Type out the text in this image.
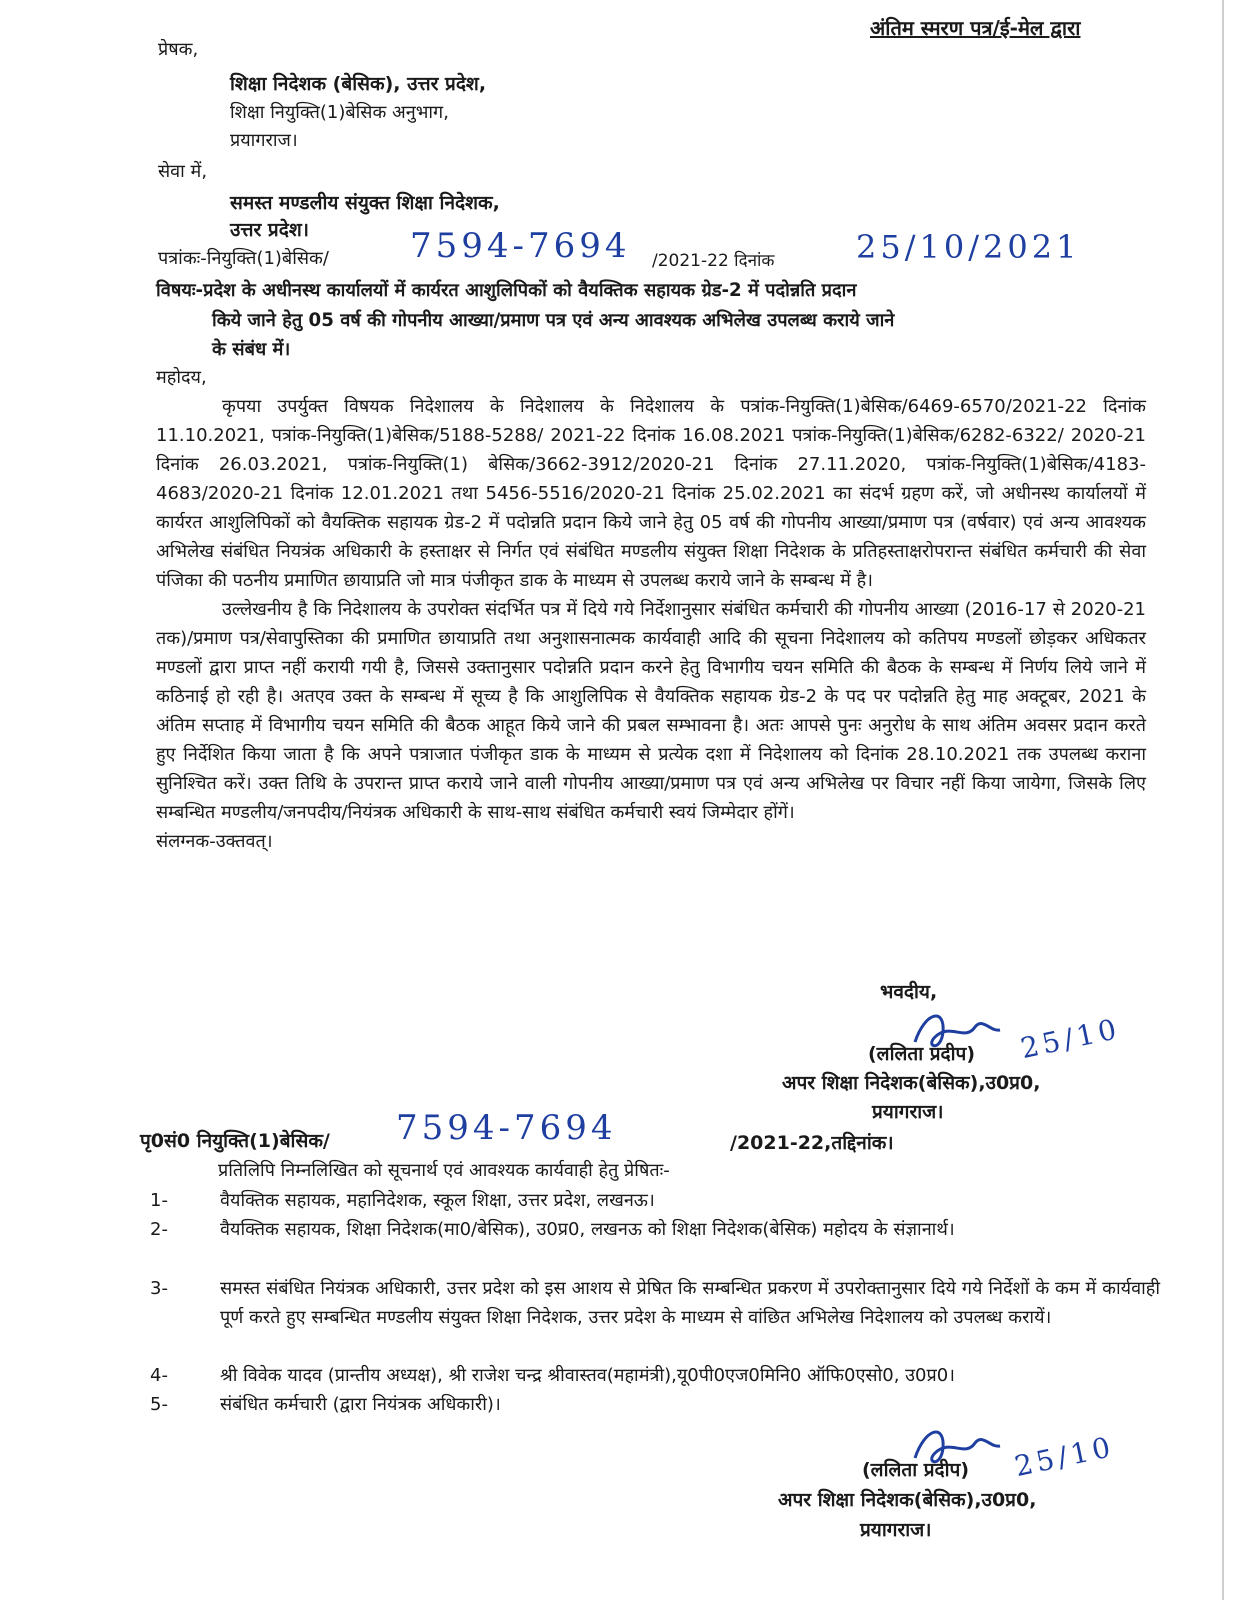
अंतिम स्मरण पत्र/ई-मेल द्वारा
प्रेषक,
शिक्षा निदेशक (बेसिक), उत्तर प्रदेश,
शिक्षा नियुक्ति(1)बेसिक अनुभाग,
प्रयागराज।
सेवा में,
समस्त मण्डलीय संयुक्त शिक्षा निदेशक,
उत्तर प्रदेश।
पत्रांकः-नियुक्ति(1)बेसिक/ 7594-7694 /2021-22 दिनांक	25/10/2021
विषयः-प्रदेश के अधीनस्थ कार्यालयों में कार्यरत आशुलिपिकों को वैयक्तिक सहायक ग्रेड-2 में पदोन्नति प्रदान
किये जाने हेतु 05 वर्ष की गोपनीय आख्या/प्रमाण पत्र एवं अन्य आवश्यक अभिलेख उपलब्ध कराये जाने
के संबंध में।
महोदय,

कृपया उपर्युक्त विषयक निदेशालय के निदेशालय के निदेशालय के पत्रांक-नियुक्ति(1)बेसिक/6469-6570/2021-22 दिनांक 11.10.2021, पत्रांक-नियुक्ति(1)बेसिक/5188-5288/ 2021-22 दिनांक 16.08.2021 पत्रांक-नियुक्ति(1)बेसिक/6282-6322/ 2020-21 दिनांक 26.03.2021, पत्रांक-नियुक्ति(1) बेसिक/3662-3912/2020-21 दिनांक 27.11.2020, पत्रांक-नियुक्ति(1)बेसिक/4183-4683/2020-21 दिनांक 12.01.2021 तथा 5456-5516/2020-21 दिनांक 25.02.2021 का संदर्भ ग्रहण करें, जो अधीनस्थ कार्यालयों में कार्यरत आशुलिपिकों को वैयक्तिक सहायक ग्रेड-2 में पदोन्नति प्रदान किये जाने हेतु 05 वर्ष की गोपनीय आख्या/प्रमाण पत्र (वर्षवार) एवं अन्य आवश्यक अभिलेख संबंधित नियत्रंक अधिकारी के हस्ताक्षर से निर्गत एवं संबंधित मण्डलीय संयुक्त शिक्षा निदेशक के प्रतिहस्ताक्षरोपरान्त संबंधित कर्मचारी की सेवा पंजिका की पठनीय प्रमाणित छायाप्रति जो मात्र पंजीकृत डाक के माध्यम से उपलब्ध कराये जाने के सम्बन्ध में है।

उल्लेखनीय है कि निदेशालय के उपरोक्त संदर्भित पत्र में दिये गये निर्देशानुसार संबंधित कर्मचारी की गोपनीय आख्या (2016-17 से 2020-21 तक)/प्रमाण पत्र/सेवापुस्तिका की प्रमाणित छायाप्रति तथा अनुशासनात्मक कार्यवाही आदि की सूचना निदेशालय को कतिपय मण्डलों छोड़कर अधिकतर मण्डलों द्वारा प्राप्त नहीं करायी गयी है, जिससे उक्तानुसार पदोन्नति प्रदान करने हेतु विभागीय चयन समिति की बैठक के सम्बन्ध में निर्णय लिये जाने में कठिनाई हो रही है। अतएव उक्त के सम्बन्ध में सूच्य है कि आशुलिपिक से वैयक्तिक सहायक ग्रेड-2 के पद पर पदोन्नति हेतु माह अक्टूबर, 2021 के अंतिम सप्ताह में विभागीय चयन समिति की बैठक आहूत किये जाने की प्रबल सम्भावना है। अतः आपसे पुनः अनुरोध के साथ अंतिम अवसर प्रदान करते हुए निर्देशित किया जाता है कि अपने पत्राजात पंजीकृत डाक के माध्यम से प्रत्येक दशा में निदेशालय को दिनांक 28.10.2021 तक उपलब्ध कराना सुनिश्चित करें। उक्त तिथि के उपरान्त प्राप्त कराये जाने वाली गोपनीय आख्या/प्रमाण पत्र एवं अन्य अभिलेख पर विचार नहीं किया जायेगा, जिसके लिए सम्बन्धित मण्डलीय/जनपदीय/नियंत्रक अधिकारी के साथ-साथ संबंधित कर्मचारी स्वयं जिम्मेदार होंगें।

संलग्नक-उक्तवत्।
भवदीय,
25/10
(ललिता प्रदीप)
अपर शिक्षा निदेशक(बेसिक),उ0प्र0,
प्रयागराज।
पृ0सं0 नियुक्ति(1)बेसिक/ 7594-7694	/2021-22,तद्दिनांक।
प्रतिलिपि निम्नलिखित को सूचनार्थ एवं आवश्यक कार्यवाही हेतु प्रेषितः-
1-	वैयक्तिक सहायक, महानिदेशक, स्कूल शिक्षा, उत्तर प्रदेश, लखनऊ।
2-	वैयक्तिक सहायक, शिक्षा निदेशक(मा0/बेसिक), उ0प्र0, लखनऊ को शिक्षा निदेशक(बेसिक) महोदय के संज्ञानार्थ।
3-	समस्त संबंधित नियंत्रक अधिकारी, उत्तर प्रदेश को इस आशय से प्रेषित कि सम्बन्धित प्रकरण में उपरोक्तानुसार दिये गये निर्देशों के कम में कार्यवाही पूर्ण करते हुए सम्बन्धित मण्डलीय संयुक्त शिक्षा निदेशक, उत्तर प्रदेश के माध्यम से वांछित अभिलेख निदेशालय को उपलब्ध करायें।
4-	श्री विवेक यादव (प्रान्तीय अध्यक्ष), श्री राजेश चन्द्र श्रीवास्तव(महामंत्री),यू0पी0एज0मिनि0 ऑफि0एसो0, उ0प्र0।
5-	संबंधित कर्मचारी (द्वारा नियंत्रक अधिकारी)।
25/10
(ललिता प्रदीप)
अपर शिक्षा निदेशक(बेसिक),उ0प्र0,
प्रयागराज।
